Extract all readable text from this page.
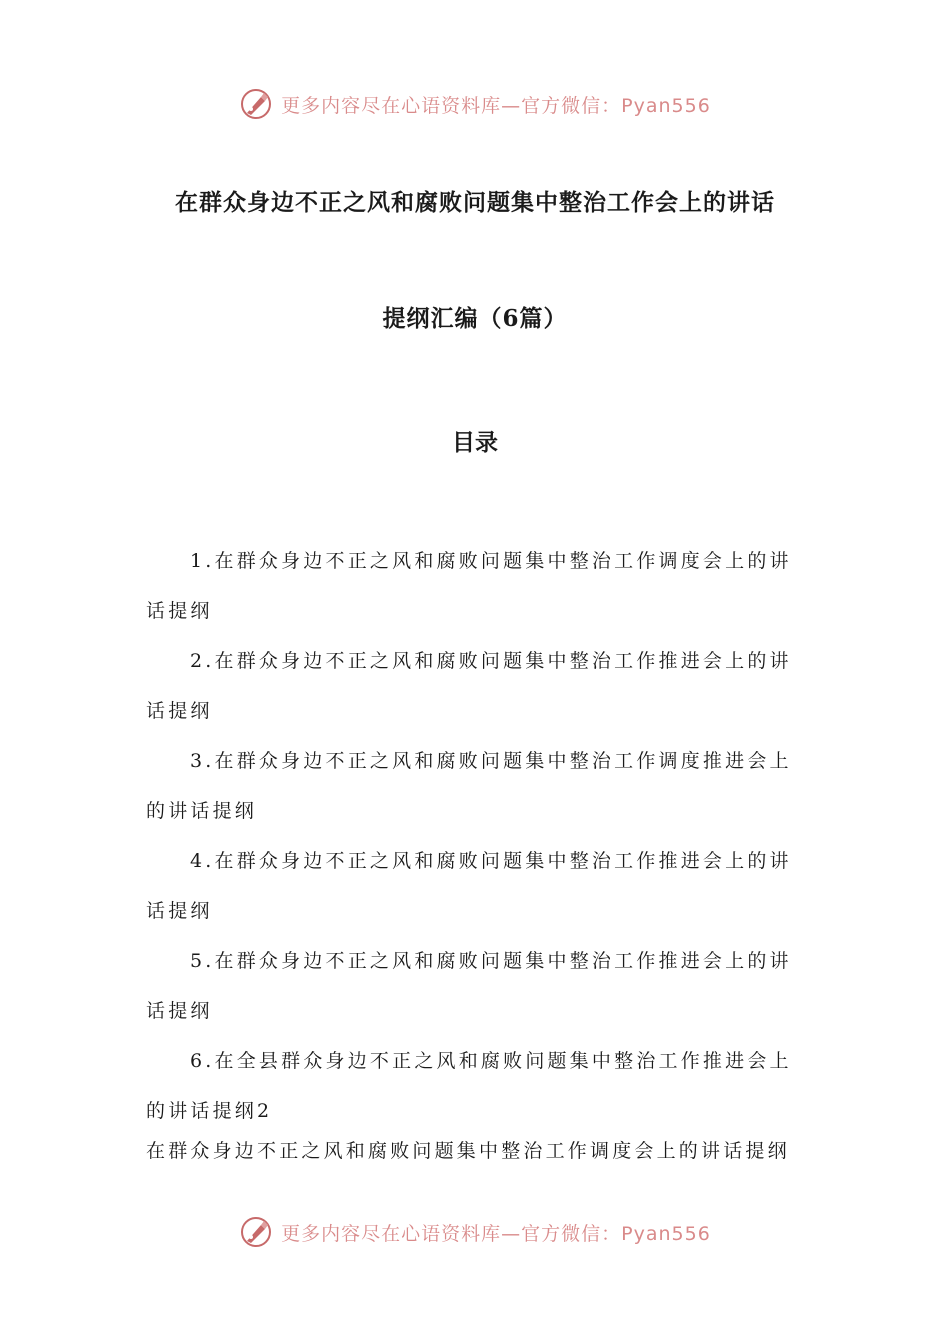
更多内容尽在心语资料库—官方微信：Pyan556
在群众身边不正之风和腐败问题集中整治工作会上的讲话
提纲汇编（6篇）
目录
1.在群众身边不正之风和腐败问题集中整治工作调度会上的讲话提纲
2.在群众身边不正之风和腐败问题集中整治工作推进会上的讲话提纲
3.在群众身边不正之风和腐败问题集中整治工作调度推进会上的讲话提纲
4.在群众身边不正之风和腐败问题集中整治工作推进会上的讲话提纲
5.在群众身边不正之风和腐败问题集中整治工作推进会上的讲话提纲
6.在全县群众身边不正之风和腐败问题集中整治工作推进会上的讲话提纲2
在群众身边不正之风和腐败问题集中整治工作调度会上的讲话提纲
更多内容尽在心语资料库—官方微信：Pyan556
